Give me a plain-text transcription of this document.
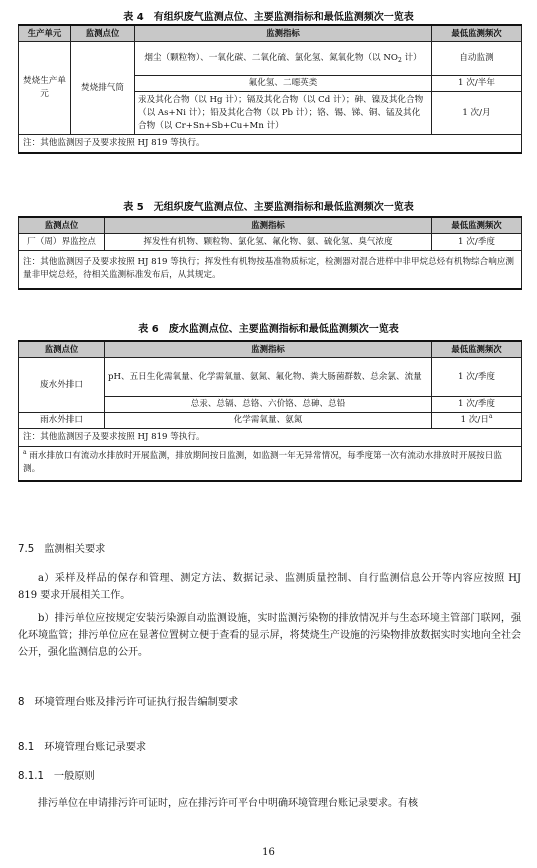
表 4　有组织废气监测点位、主要监测指标和最低监测频次一览表
生产单元	监测点位	监测指标	最低监测频次
焚烧生产单元	焚烧排气筒	烟尘（颗粒物）、一氧化碳、二氧化硫、氯化氢、氮氧化物（以 $NO_2$ 计）	自动监测
		氟化氢、二噁英类	1 次/半年
		汞及其化合物（以 Hg 计）；镉及其化合物（以 Cd 计）；砷、镍及其化合物（以 As+Ni 计）；铅及其化合物（以 Pb 计）；铬、锡、锑、铜、锰及其化合物（以 Cr+Sn+Sb+Cu+Mn 计）	1 次/月
注：其他监测因子及要求按照 HJ 819 等执行。			
表 5　无组织废气监测点位、主要监测指标和最低监测频次一览表
监测点位	监测指标	最低监测频次
厂（周）界监控点	挥发性有机物、颗粒物、氯化氢、氟化物、氨、硫化氢、臭气浓度	1 次/季度
注：其他监测因子及要求按照 HJ 819 等执行；挥发性有机物按基准物质标定，检测器对混合进样中非甲烷总烃有机物综合响应测量非甲烷总烃，待相关监测标准发布后，从其规定。		
表 6　废水监测点位、主要监测指标和最低监测频次一览表
监测点位	监测指标	最低监测频次
废水外排口	pH、五日生化需氧量、化学需氧量、氨氮、氟化物、粪大肠菌群数、总余氯、流量	1 次/季度
	总汞、总镉、总铬、六价铬、总砷、总铅	1 次/季度
雨水外排口	化学需氧量、氨氮	1 次/日$^a$
注：其他监测因子及要求按照 HJ 819 等执行。		
$^a$ 雨水排放口有流动水排放时开展监测，排放期间按日监测，如监测一年无异常情况，每季度第一次有流动水排放时开展按日监测。		
7.5 监测相关要求
a）采样及样品的保存和管理、测定方法、数据记录、监测质量控制、自行监测信息公开等内容应按照 HJ 819 要求开展相关工作。
b）排污单位应按规定安装污染源自动监测设施，实时监测污染物的排放情况并与生态环境主管部门联网，强化环境监管；排污单位应在显著位置树立便于查看的显示屏，将焚烧生产设施的污染物排放数据实时实地向全社会公开，强化监测信息的公开。
8 环境管理台账及排污许可证执行报告编制要求
8.1 环境管理台账记录要求
8.1.1 一般原则
排污单位在申请排污许可证时，应在排污许可平台中明确环境管理台账记录要求。有核
16
